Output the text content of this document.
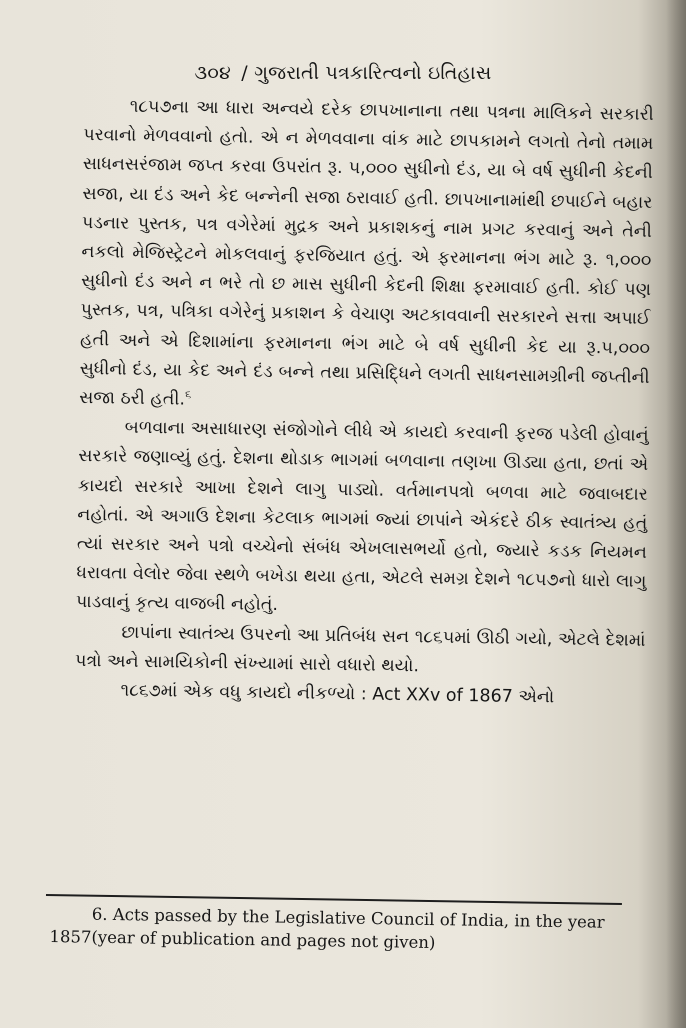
૩૦૪ / ગુજરાતી પત્રકારિત્વનો ઇતિહાસ

૧૮૫૭ના આ ધારા અન્વયે દરેક છાપખાનાના તથા પત્રના માલિકને સરકારી પરવાનો મેળવવાનો હતો. એ ન મેળવવાના વાંક માટે છાપકામને લગતો તેનો તમામ સાધનસરંજામ જપ્ત કરવા ઉપરાંત રૂ. ૫,૦૦૦ સુધીનો દંડ, યા બે વર્ષ સુધીની કેદની સજા, યા દંડ અને કેદ બન્નેની સજા ઠરાવાઈ હતી. છાપખાનામાંથી છપાઈને બહાર પડનાર પુસ્તક, પત્ર વગેરેમાં મુદ્રક અને પ્રકાશકનું નામ પ્રગટ કરવાનું અને તેની નકલો મેજિસ્ટ્રેટને મોકલવાનું ફરજિયાત હતું. એ ફરમાનના ભંગ માટે રૂ. ૧,૦૦૦ સુધીનો દંડ અને ન ભરે તો છ માસ સુધીની કેદની શિક્ષા ફરમાવાઈ હતી. કોઈ પણ પુસ્તક, પત્ર, પત્રિકા વગેરેનું પ્રકાશન કે વેચાણ અટકાવવાની સરકારને સત્તા અપાઈ હતી અને એ દિશામાંના ફરમાનના ભંગ માટે બે વર્ષ સુધીની કેદ યા રૂ.૫,૦૦૦ સુધીનો દંડ, યા કેદ અને દંડ બન્ને તથા પ્રસિદ્ધિને લગતી સાધનસામગ્રીની જપ્તીની સજા ઠરી હતી.$^૬$

બળવાના અસાધારણ સંજોગોને લીધે એ કાયદો કરવાની ફરજ પડેલી હોવાનું સરકારે જણાવ્યું હતું. દેશના થોડાક ભાગમાં બળવાના તણખા ઊડ્યા હતા, છતાં એ કાયદો સરકારે આખા દેશને લાગુ પાડ્યો. વર્તમાનપત્રો બળવા માટે જવાબદાર નહોતાં. એ અગાઉ દેશના કેટલાક ભાગમાં જ્યાં છાપાંને એકંદરે ઠીક સ્વાતંત્ર્ય હતું ત્યાં સરકાર અને પત્રો વચ્ચેનો સંબંધ એખલાસભર્યો હતો, જ્યારે કડક નિયમન ધરાવતા વેલોર જેવા સ્થળે બખેડા થયા હતા, એટલે સમગ્ર દેશને ૧૮૫૭નો ધારો લાગુ પાડવાનું કૃત્ય વાજબી નહોતું.

છાપાંના સ્વાતંત્ર્ય ઉપરનો આ પ્રતિબંધ સન ૧૮૬૫માં ઊઠી ગયો, એટલે દેશમાં પત્રો અને સામયિકોની સંખ્યામાં સારો વધારો થયો.

૧૮૬૭માં એક વધુ કાયદો નીકળ્યો : Act XXv of 1867 એનો

6. Acts passed by the Legislative Council of India, in the year
1857(year of publication and pages not given)
